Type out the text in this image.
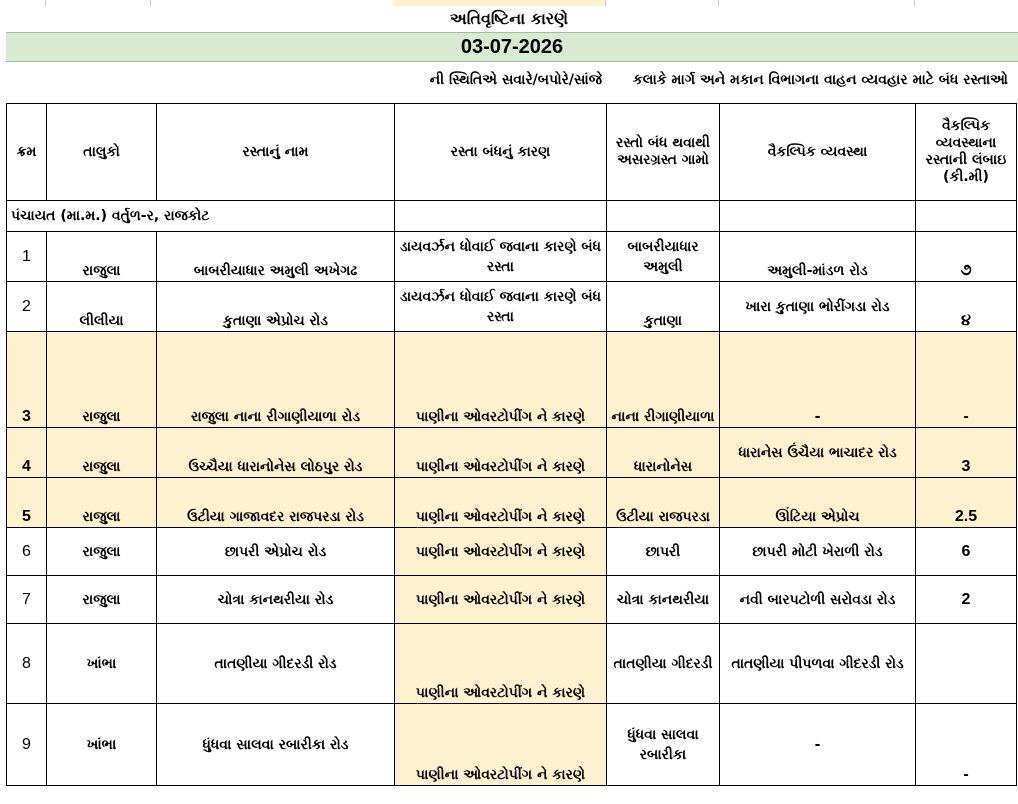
અતિવૃષ્ટિના કારણે
03-07-2026
ની સ્થિતિએ સવારે/બપોરે/સાંજે કલાકે માર્ગ અને મકાન વિભાગના વાહન વ્યવહાર માટે બંધ રસ્તાઓ
ક્રમ	તાલુકો	રસ્તાનું નામ	રસ્તા બંધનું કારણ	રસ્તો બંધ થવાથી અસરગ્રસ્ત ગામો	વૈકલ્પિક વ્યવસ્થા	વૈકલ્પિક વ્યવસ્થાના રસ્તાની લંબાઇ (કી.મી)
પંચાયત (મા.મ.) વર્તુળ-ર, રાજકોટ						
1	રાજુલા	બાબરીયાધાર અમુલી અખેગઢ	ડાયવર્ઝન ધોવાઈ જવાના કારણે બંધ રસ્તા	બાબરીયાધાર અમુલી	અમુલી-માંડળ રોડ	૭
2	લીલીયા	કુતાણા એપ્રોચ રોડ	ડાયવર્ઝન ધોવાઈ જવાના કારણે બંધ રસ્તા	કુતાણા	ખારા કુતાણા ભોરીંગડા રોડ	૪
3	રાજુલા	રાજુલા નાના રીગાણીયાળા રોડ	પાણીના ઓવરટોપીંગ ને કારણે	નાના રીગાણીયાળા	-	-
4	રાજુલા	ઉચ્ચૈયા ધારાનોનેસ લોઠપુર રોડ	પાણીના ઓવરટોપીંગ ને કારણે	ધારાનોનેસ	ધારાનેસ ઉંચૈયા ભાચાદર રોડ	3
5	રાજુલા	ઉટીયા ગાજાવદર રાજપરડા રોડ	પાણીના ઓવરટોપીંગ ને કારણે	ઉટીયા રાજપરડા	ઊંટિયા એપ્રોચ	2.5
6	રાજુલા	છાપરી એપ્રોચ રોડ	પાણીના ઓવરટોપીંગ ને કારણે	છાપરી	છાપરી મોટી ખેરાળી રોડ	6
7	રાજુલા	ચોત્રા કાનથરીયા રોડ	પાણીના ઓવરટોપીંગ ને કારણે	ચોત્રા કાનથરીયા	નવી બારપટોળી સરોવડા રોડ	2
8	ખાંભા	તાતણીયા ગીદરડી રોડ	પાણીના ઓવરટોપીંગ ને કારણે	તાતણીયા ગીદરડી	તાતણીયા પીપળવા ગીદરડી રોડ	
9	ખાંભા	ધુંધવા સાલવા રબારીકા રોડ	પાણીના ઓવરટોપીંગ ને કારણે	ધુંધવા સાલવા રબારીકા	-	-
